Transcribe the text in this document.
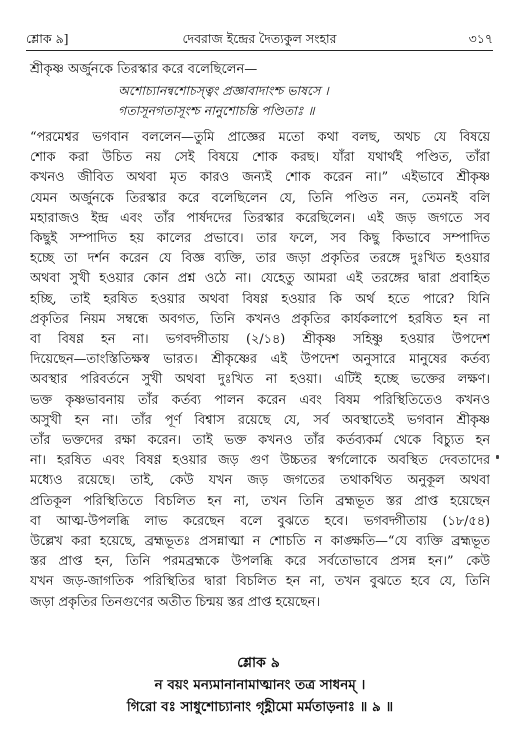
শ্লোক ৯]	দেবরাজ ইন্দ্রের দৈত্যকুল সংহার	৩১৭
শ্রীকৃষ্ণ অর্জুনকে তিরস্কার করে বলেছিলেন—
অশোচ্যানন্বশোচস্ত্বং প্রজ্ঞাবাদাংশ্চ ভাষসে ।
গতাসূনগতাসূংশ্চ নানুশোচন্তি পণ্ডিতাঃ ॥
“পরমেশ্বর ভগবান বললেন—তুমি প্রাজ্ঞের মতো কথা বলছ, অথচ যে বিষয়ে
শোক করা উচিত নয় সেই বিষয়ে শোক করছ। যাঁরা যথার্থই পণ্ডিত, তাঁরা
কখনও জীবিত অথবা মৃত কারও জন্যই শোক করেন না।” এইভাবে শ্রীকৃষ্ণ
যেমন অর্জুনকে তিরস্কার করে বলেছিলেন যে, তিনি পণ্ডিত নন, তেমনই বলি
মহারাজও ইন্দ্র এবং তাঁর পার্ষদদের তিরস্কার করেছিলেন। এই জড় জগতে সব
কিছুই সম্পাদিত হয় কালের প্রভাবে। তার ফলে, সব কিছু কিভাবে সম্পাদিত
হচ্ছে তা দর্শন করেন যে বিজ্ঞ ব্যক্তি, তার জড়া প্রকৃতির তরঙ্গে দুঃখিত হওয়ার
অথবা সুখী হওয়ার কোন প্রশ্ন ওঠে না। যেহেতু আমরা এই তরঙ্গের দ্বারা প্রবাহিত
হচ্ছি, তাই হরষিত হওয়ার অথবা বিষণ্ণ হওয়ার কি অর্থ হতে পারে? যিনি
প্রকৃতির নিয়ম সম্বন্ধে অবগত, তিনি কখনও প্রকৃতির কার্যকলাপে হরষিত হন না
বা বিষণ্ণ হন না। ভগবদ্গীতায় (২/১৪) শ্রীকৃষ্ণ সহিষ্ণু হওয়ার উপদেশ
দিয়েছেন—তাংস্তিতিক্ষস্ব ভারত। শ্রীকৃষ্ণের এই উপদেশ অনুসারে মানুষের কর্তব্য
অবস্থার পরিবর্তনে সুখী অথবা দুঃখিত না হওয়া। এটিই হচ্ছে ভক্তের লক্ষণ।
ভক্ত কৃষ্ণভাবনায় তাঁর কর্তব্য পালন করেন এবং বিষম পরিস্থিতিতেও কখনও
অসুখী হন না। তাঁর পূর্ণ বিশ্বাস রয়েছে যে, সর্ব অবস্থাতেই ভগবান শ্রীকৃষ্ণ
তাঁর ভক্তদের রক্ষা করেন। তাই ভক্ত কখনও তাঁর কর্তব্যকর্ম থেকে বিচ্যুত হন
না। হরষিত এবং বিষণ্ণ হওয়ার জড় গুণ উচ্চতর স্বর্গলোকে অবস্থিত দেবতাদের
মধ্যেও রয়েছে। তাই, কেউ যখন জড় জগতের তথাকথিত অনুকূল অথবা
প্রতিকূল পরিস্থিতিতে বিচলিত হন না, তখন তিনি ব্রহ্মভূত স্তর প্রাপ্ত হয়েছেন
বা আত্ম-উপলব্ধি লাভ করেছেন বলে বুঝতে হবে। ভগবদ্গীতায় (১৮/৫৪)
উল্লেখ করা হয়েছে, ব্রহ্মভূতঃ প্রসন্নাত্মা ন শোচতি ন কাঙ্ক্ষতি—“যে ব্যক্তি ব্রহ্মভূত
স্তর প্রাপ্ত হন, তিনি পরমব্রহ্মকে উপলব্ধি করে সর্বতোভাবে প্রসন্ন হন।” কেউ
যখন জড়-জাগতিক পরিস্থিতির দ্বারা বিচলিত হন না, তখন বুঝতে হবে যে, তিনি
জড়া প্রকৃতির তিনগুণের অতীত চিন্ময় স্তর প্রাপ্ত হয়েছেন।
শ্লোক ৯
ন বয়ং মন্যমানানামাত্মানং তত্র সাধনম্ ।
গিরো বঃ সাধুশোচ্যানাং গৃহ্ণীমো মর্মতাড়নাঃ ॥ ৯ ॥
